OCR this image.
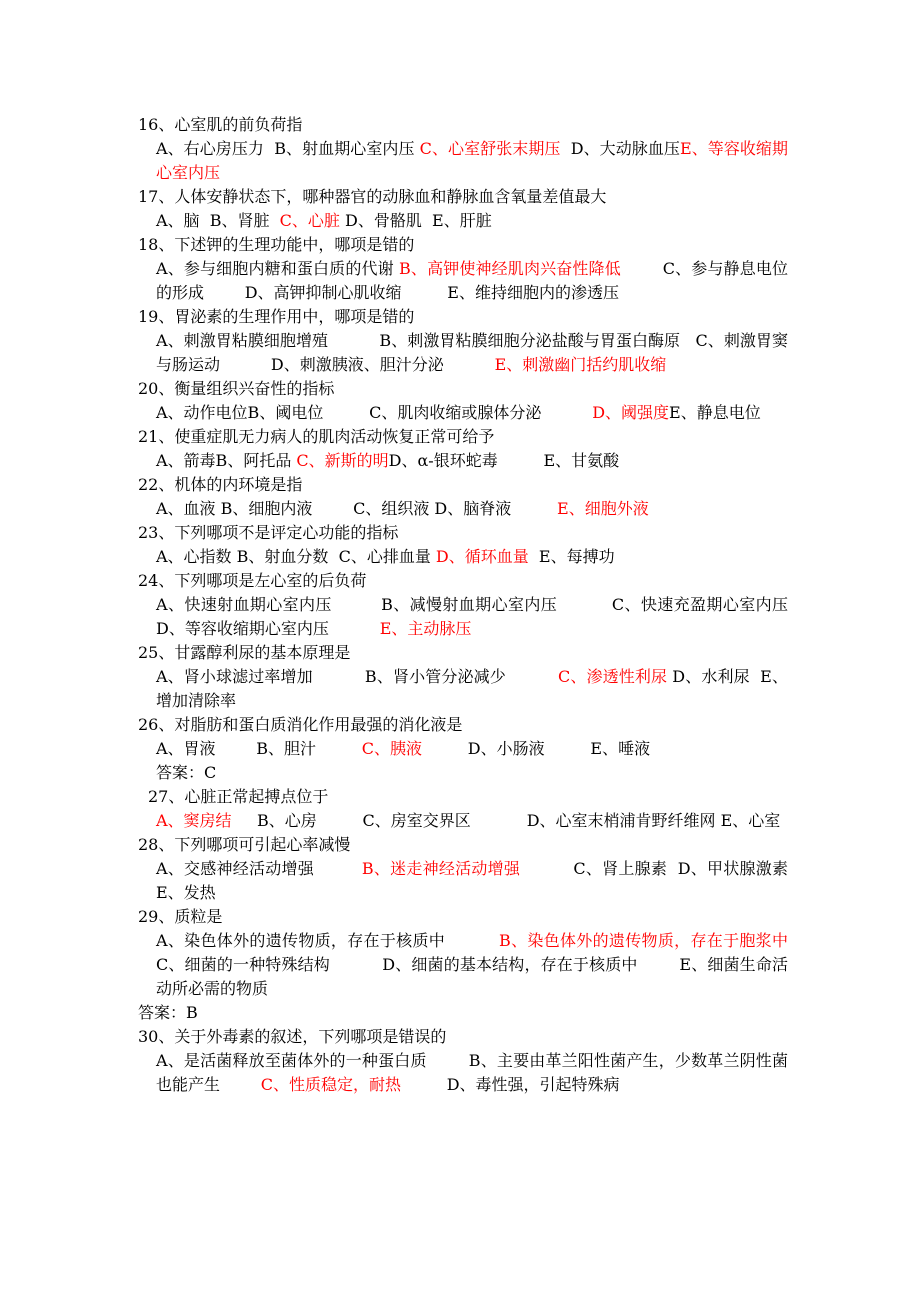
16、心室肌的前负荷指
A、右心房压力  B、射血期心室内压 C、心室舒张末期压  D、大动脉血压E、等容收缩期心室内压
17、人体安静状态下，哪种器官的动脉血和静脉血含氧量差值最大
A、脑  B、肾脏  C、心脏 D、骨骼肌  E、肝脏
18、下述钾的生理功能中，哪项是错的
A、参与细胞内糖和蛋白质的代谢 B、高钾使神经肌肉兴奋性降低        C、参与静息电位的形成        D、高钾抑制心肌收缩         E、维持细胞内的渗透压
19、胃泌素的生理作用中，哪项是错的
A、刺激胃粘膜细胞增殖          B、刺激胃粘膜细胞分泌盐酸与胃蛋白酶原   C、刺激胃窦与肠运动          D、刺激胰液、胆汁分泌          E、刺激幽门括约肌收缩
20、衡量组织兴奋性的指标
A、动作电位B、阈电位         C、肌肉收缩或腺体分泌          D、阈强度E、静息电位
21、使重症肌无力病人的肌肉活动恢复正常可给予
A、箭毒B、阿托品 C、新斯的明D、α-银环蛇毒         E、甘氨酸
22、机体的内环境是指
A、血液 B、细胞内液        C、组织液 D、脑脊液         E、细胞外液
23、下列哪项不是评定心功能的指标
A、心指数 B、射血分数  C、心排血量 D、循环血量  E、每搏功
24、下列哪项是左心室的后负荷
A、快速射血期心室内压         B、减慢射血期心室内压          C、快速充盈期心室内压       D、等容收缩期心室内压          E、主动脉压
25、甘露醇利尿的基本原理是
A、肾小球滤过率增加          B、肾小管分泌减少          C、渗透性利尿 D、水利尿  E、增加清除率
26、对脂肪和蛋白质消化作用最强的消化液是
A、胃液        B、胆汁         C、胰液         D、小肠液         E、唾液
答案：C
27、心脏正常起搏点位于
A、窦房结     B、心房         C、房室交界区           D、心室末梢浦肯野纤维网 E、心室
28、下列哪项可引起心率减慢
A、交感神经活动增强         B、迷走神经活动增强          C、肾上腺素  D、甲状腺激素         E、发热
29、质粒是
A、染色体外的遗传物质，存在于核质中          B、染色体外的遗传物质，存在于胞浆中        C、细菌的一种特殊结构          D、细菌的基本结构，存在于核质中        E、细菌生命活动所必需的物质
答案：B
30、关于外毒素的叙述，下列哪项是错误的
A、是活菌释放至菌体外的一种蛋白质        B、主要由革兰阳性菌产生，少数革兰阴性菌也能产生        C、性质稳定，耐热         D、毒性强，引起特殊病
